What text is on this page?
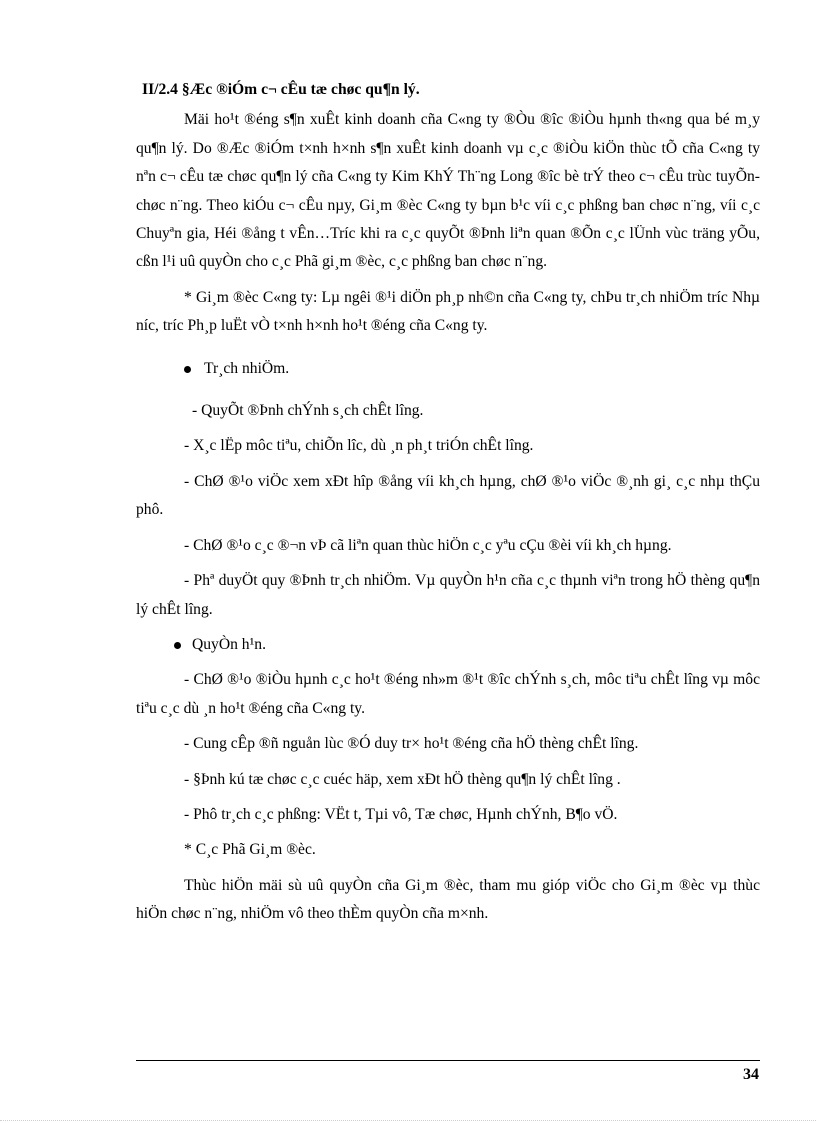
II/2.4 §Æc ®iÓm c¬ cÊu tæ chøc qu¶n lý.

Mäi ho¹t ®éng s¶n xuÊt kinh doanh cña C«ng ty ®Òu ®îc ®iÒu hµnh th«ng qua bé m¸y qu¶n lý. Do ®Æc ®iÓm t×nh h×nh s¶n xuÊt kinh doanh vµ c¸c ®iÒu kiÖn thùc tÕ cña C«ng ty nªn c¬ cÊu tæ chøc qu¶n lý cña C«ng ty Kim KhÝ Th¨ng Long ®îc bè trÝ theo c¬ cÊu trùc tuyÕn- chøc n¨ng. Theo kiÓu c¬ cÊu nµy, Gi¸m ®èc C«ng ty bµn b¹c víi c¸c phßng ban chøc n¨ng, víi c¸c Chuyªn gia, Héi ®ång t vÊn…Tríc khi ra c¸c quyÕt ®Þnh liªn quan ®Õn c¸c lÜnh vùc träng yÕu, cßn l¹i uû quyÒn cho c¸c Phã gi¸m ®èc, c¸c phßng ban chøc n¨ng.

* Gi¸m ®èc C«ng ty: Lµ ngêi ®¹i diÖn ph¸p nh©n cña C«ng ty, chÞu tr¸ch nhiÖm tríc Nhµ níc, tríc Ph¸p luËt vÒ t×nh h×nh ho¹t ®éng cña C«ng ty.

Tr¸ch nhiÖm.

- QuyÕt ®Þnh chÝnh s¸ch chÊt lîng.

- X¸c lËp môc tiªu, chiÕn lîc, dù ¸n ph¸t triÓn chÊt lîng.

- ChØ ®¹o viÖc xem xÐt hîp ®ång víi kh¸ch hµng, chØ ®¹o viÖc ®¸nh gi¸ c¸c nhµ thÇu phô.

- ChØ ®¹o c¸c ®¬n vÞ cã liªn quan thùc hiÖn c¸c yªu cÇu ®èi víi kh¸ch hµng.

- Phª duyÖt quy ®Þnh tr¸ch nhiÖm. Vµ quyÒn h¹n cña c¸c thµnh viªn trong hÖ thèng qu¶n lý chÊt lîng.

QuyÒn h¹n.

- ChØ ®¹o ®iÒu hµnh c¸c ho¹t ®éng nh»m ®¹t ®îc chÝnh s¸ch, môc tiªu chÊt lîng vµ môc tiªu c¸c dù ¸n ho¹t ®éng cña C«ng ty.

- Cung cÊp ®ñ nguån lùc ®Ó duy tr× ho¹t ®éng cña hÖ thèng chÊt lîng.

- §Þnh kú tæ chøc c¸c cuéc häp, xem xÐt hÖ thèng qu¶n lý chÊt lîng .

- Phô tr¸ch c¸c phßng: VËt t, Tµi vô, Tæ chøc, Hµnh chÝnh, B¶o vÖ.

* C¸c Phã Gi¸m ®èc.

Thùc hiÖn mäi sù uû quyÒn cña Gi¸m ®èc, tham mu gióp viÖc cho Gi¸m ®èc vµ thùc hiÖn chøc n¨ng, nhiÖm vô theo thÈm quyÒn cña m×nh.

34
